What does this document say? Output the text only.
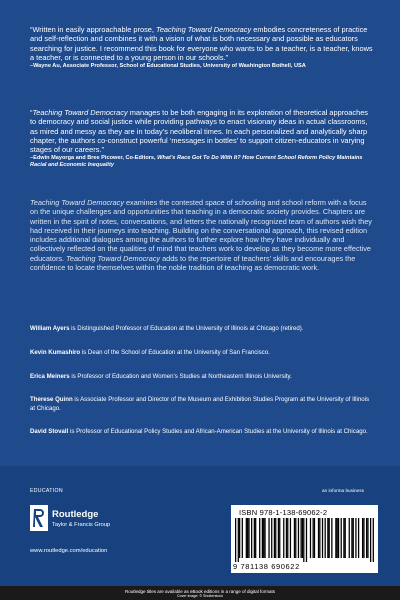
“Written in easily approachable prose, Teaching Toward Democracy embodies concreteness of practice and self-reflection and combines it with a vision of what is both necessary and possible as educators searching for justice. I recommend this book for everyone who wants to be a teacher, is a teacher, knows a teacher, or is connected to a young person in our schools.”
–Wayne Au, Associate Professor, School of Educational Studies, University of Washington Bothell, USA
“Teaching Toward Democracy manages to be both engaging in its exploration of theoretical approaches to democracy and social justice while providing pathways to enact visionary ideas in actual classrooms, as mired and messy as they are in today’s neoliberal times. In each personalized and analytically sharp chapter, the authors co-construct powerful ‘messages in bottles’ to support citizen-educators in varying stages of our careers.”
–Edwin Mayorga and Bree Picower, Co-Editors, What’s Race Got To Do With It? How Current School Reform Policy Maintains Racial and Economic Inequality
Teaching Toward Democracy examines the contested space of schooling and school reform with a focus on the unique challenges and opportunities that teaching in a democratic society provides. Chapters are written in the spirit of notes, conversations, and letters the nationally recognized team of authors wish they had received in their journeys into teaching. Building on the conversational approach, this revised edition includes additional dialogues among the authors to further explore how they have individually and collectively reflected on the qualities of mind that teachers work to develop as they become more effective educators. Teaching Toward Democracy adds to the repertoire of teachers’ skills and encourages the confidence to locate themselves within the noble tradition of teaching as democratic work.
William Ayers is Distinguished Professor of Education at the University of Illinois at Chicago (retired).
Kevin Kumashiro is Dean of the School of Education at the University of San Francisco.
Erica Meiners is Professor of Education and Women’s Studies at Northeastern Illinois University.
Therese Quinn is Associate Professor and Director of the Museum and Exhibition Studies Program at the University of Illinois at Chicago.
David Stovall is Professor of Educational Policy Studies and African-American Studies at the University of Illinois at Chicago.
EDUCATION	an informa business
Routledge
Taylor & Francis Group
www.routledge.com/education
ISBN 978-1-138-69062-2
9 781138 690622
Routledge titles are available as eBook editions in a range of digital formats
Cover image: © Shutterstock
